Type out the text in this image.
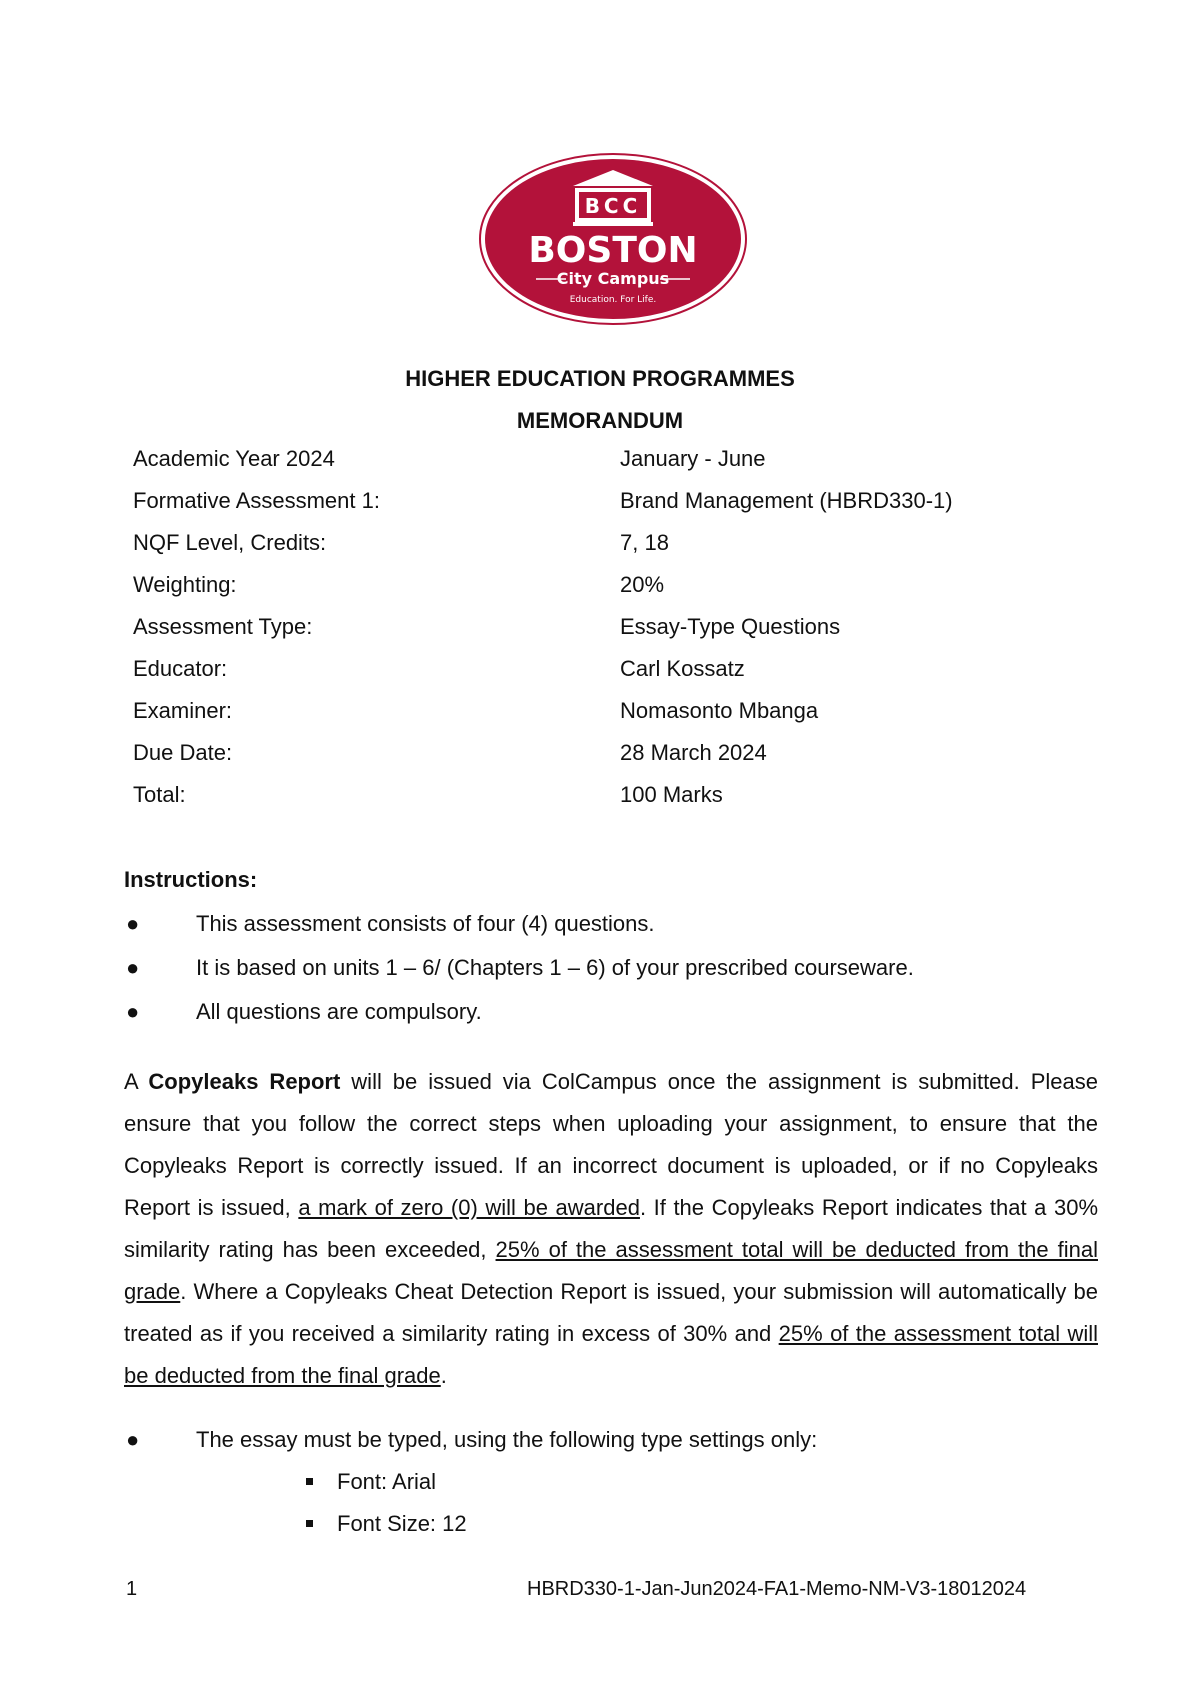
BCC
BOSTON
City Campus
Education. For Life.
HIGHER EDUCATION PROGRAMMES
MEMORANDUM
Academic Year 2024	January - June
Formative Assessment 1:	Brand Management (HBRD330-1)
NQF Level, Credits:	7, 18
Weighting:	20%
Assessment Type:	Essay-Type Questions
Educator:	Carl Kossatz
Examiner:	Nomasonto Mbanga
Due Date:	28 March 2024
Total:	100 Marks
Instructions:
●	This assessment consists of four (4) questions.
●	It is based on units 1 – 6/ (Chapters 1 – 6) of your prescribed courseware.
●	All questions are compulsory.
A Copyleaks Report will be issued via ColCampus once the assignment is submitted. Please ensure that you follow the correct steps when uploading your assignment, to ensure that the Copyleaks Report is correctly issued. If an incorrect document is uploaded, or if no Copyleaks Report is issued, a mark of zero (0) will be awarded. If the Copyleaks Report indicates that a 30% similarity rating has been exceeded, 25% of the assessment total will be deducted from the final grade. Where a Copyleaks Cheat Detection Report is issued, your submission will automatically be treated as if you received a similarity rating in excess of 30% and 25% of the assessment total will be deducted from the final grade.
●	The essay must be typed, using the following type settings only:
Font: Arial
Font Size: 12
1	HBRD330-1-Jan-Jun2024-FA1-Memo-NM-V3-18012024
